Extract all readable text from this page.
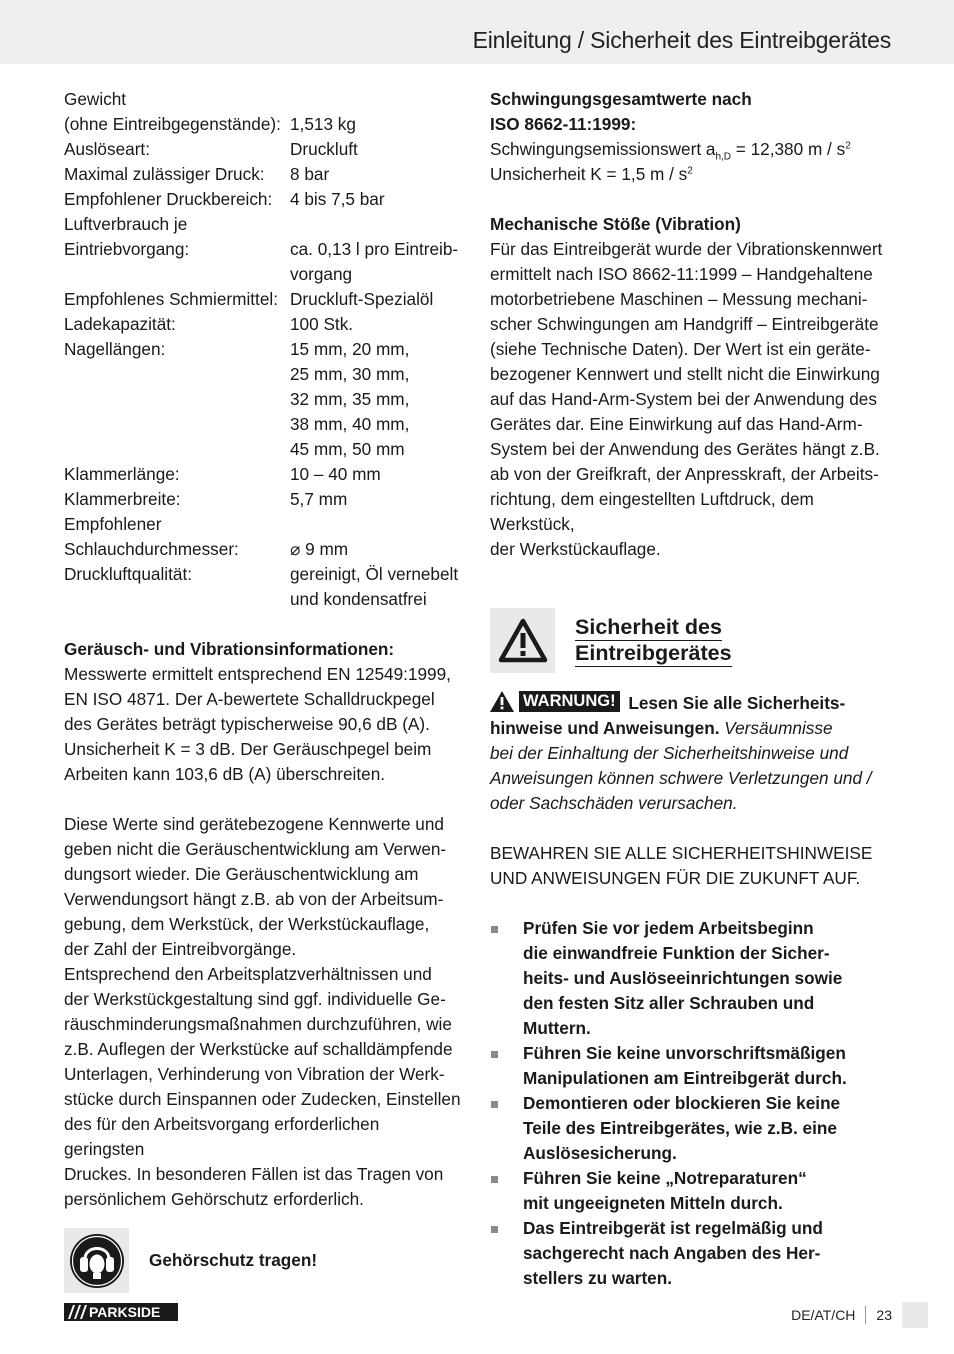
Einleitung / Sicherheit des Eintreibgerätes
Gewicht
(ohne Eintreibgegenstände): 1,513 kg
Auslöseart:	Druckluft
Maximal zulässiger Druck:	8 bar
Empfohlener Druckbereich:	4 bis 7,5 bar
Luftverbrauch je
Eintriebvorgang:	ca. 0,13 l pro Eintreib-
vorgang
Empfohlenes Schmiermittel: Druckluft-Spezialöl
Ladekapazität:	100 Stk.
Nagellängen:	15 mm, 20 mm,
25 mm, 30 mm,
32 mm, 35 mm,
38 mm, 40 mm,
45 mm, 50 mm
Klammerlänge:	10 – 40 mm
Klammerbreite:	5,7 mm
Empfohlener
Schlauchdurchmesser:	⌀ 9 mm
Druckluftqualität:	gereinigt, Öl vernebelt
und kondensatfrei

Geräusch- und Vibrationsinformationen:

Messwerte ermittelt entsprechend EN 12549:1999,

EN ISO 4871. Der A-bewertete Schalldruckpegel

des Gerätes beträgt typischerweise 90,6 dB (A).

Unsicherheit K = 3 dB. Der Geräuschpegel beim

Arbeiten kann 103,6 dB (A) überschreiten.

Diese Werte sind gerätebezogene Kennwerte und

geben nicht die Geräuschentwicklung am Verwen-

dungsort wieder. Die Geräuschentwicklung am

Verwendungsort hängt z.B. ab von der Arbeitsum-

gebung, dem Werkstück, der Werkstückauflage,

der Zahl der Eintreibvorgänge.

Entsprechend den Arbeitsplatzverhältnissen und

der Werkstückgestaltung sind ggf. individuelle Ge-

räuschminderungsmaßnahmen durchzuführen, wie

z.B. Auflegen der Werkstücke auf schalldämpfende

Unterlagen, Verhinderung von Vibration der Werk-

stücke durch Einspannen oder Zudecken, Einstellen

des für den Arbeitsvorgang erforderlichen geringsten

Druckes. In besonderen Fällen ist das Tragen von

persönlichem Gehörschutz erforderlich.

Gehörschutz tragen!

Schwingungsgesamtwerte nach

ISO 8662-11:1999:

Schwingungsemissionswert $a_{h,D} = 12,380$ m / $s^2$

Unsicherheit K = 1,5 m / $s^2$

Mechanische Stöße (Vibration)

Für das Eintreibgerät wurde der Vibrationskennwert

ermittelt nach ISO 8662-11:1999 – Handgehaltene

motorbetriebene Maschinen – Messung mechani-

scher Schwingungen am Handgriff – Eintreibgeräte

(siehe Technische Daten). Der Wert ist ein geräte-

bezogener Kennwert und stellt nicht die Einwirkung

auf das Hand-Arm-System bei der Anwendung des

Gerätes dar. Eine Einwirkung auf das Hand-Arm-

System bei der Anwendung des Gerätes hängt z.B.

ab von der Greifkraft, der Anpresskraft, der Arbeits-

richtung, dem eingestellten Luftdruck, dem Werkstück,

der Werkstückauflage.

Sicherheit des
Eintreibgerätes

WARNUNG! Lesen Sie alle Sicherheits-
hinweise und Anweisungen. Versäumnisse

bei der Einhaltung der Sicherheitshinweise und

Anweisungen können schwere Verletzungen und /

oder Sachschäden verursachen.

BEWAHREN SIE ALLE SICHERHEITSHINWEISE

UND ANWEISUNGEN FÜR DIE ZUKUNFT AUF.

Prüfen Sie vor jedem Arbeitsbeginn
die einwandfreie Funktion der Sicher-
heits- und Auslöseeinrichtungen sowie
den festen Sitz aller Schrauben und
Muttern.
Führen Sie keine unvorschriftsmäßigen
Manipulationen am Eintreibgerät durch.
Demontieren oder blockieren Sie keine
Teile des Eintreibgerätes, wie z.B. eine
Auslösesicherung.
Führen Sie keine „Notreparaturen“
mit ungeeigneten Mitteln durch.
Das Eintreibgerät ist regelmäßig und
sachgerecht nach Angaben des Her-
stellers zu warten.
PARKSIDE	DE/AT/CH	23
